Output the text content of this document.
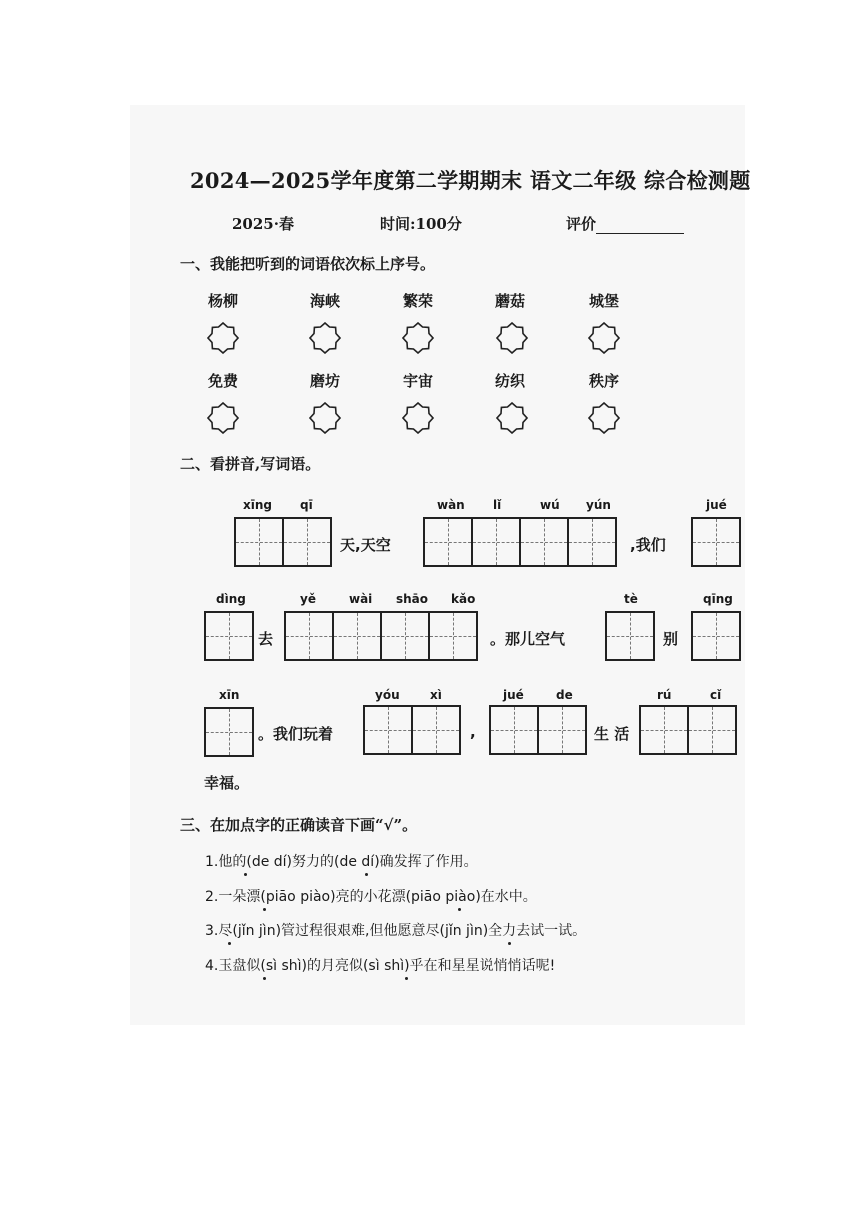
2024—2025学年度第二学期期末 语文二年级 综合检测题
2025·春	时间:100分	评价
一、我能把听到的词语依次标上序号。
杨柳	海峡	繁荣	蘑菇	城堡
免费	磨坊	宇宙	纺织	秩序
二、看拼音,写词语。
xīng qī
天,天空
wàn lǐ	wú yún
,我们
jué
dìng
去
yě	wài shāo kǎo
。那儿空气
tè
别
qīng
xīn
。我们玩着
yóu	xì
,
jué	de
生 活
rú	cǐ
幸福。
三、在加点字的正确读音下画“√”。
1.他的(de dí)努力的(de dí)确发挥了作用。
2.一朵漂(piāo piào)亮的小花漂(piāo piào)在水中。
3.尽(jǐn jìn)管过程很艰难,但他愿意尽(jǐn jìn)全力去试一试。
4.玉盘似(sì shì)的月亮似(sì shì)乎在和星星说悄悄话呢!
